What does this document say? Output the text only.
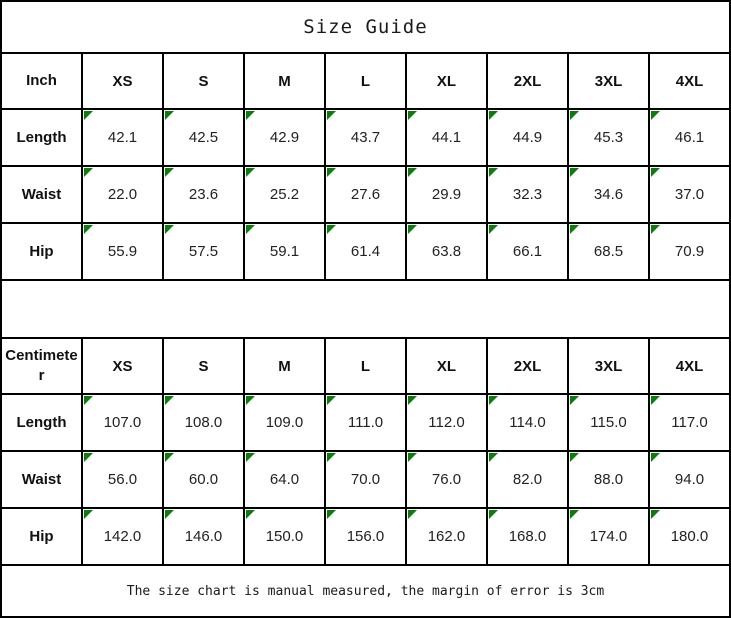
Size Guide								
Inch	XS	S	M	L	XL	2XL	3XL	4XL
Length	42.1	42.5	42.9	43.7	44.1	44.9	45.3	46.1
Waist	22.0	23.6	25.2	27.6	29.9	32.3	34.6	37.0
Hip	55.9	57.5	59.1	61.4	63.8	66.1	68.5	70.9

Centimeter	XS	S	M	L	XL	2XL	3XL	4XL
Length	107.0	108.0	109.0	111.0	112.0	114.0	115.0	117.0
Waist	56.0	60.0	64.0	70.0	76.0	82.0	88.0	94.0
Hip	142.0	146.0	150.0	156.0	162.0	168.0	174.0	180.0
The size chart is manual measured, the margin of error is 3cm								
